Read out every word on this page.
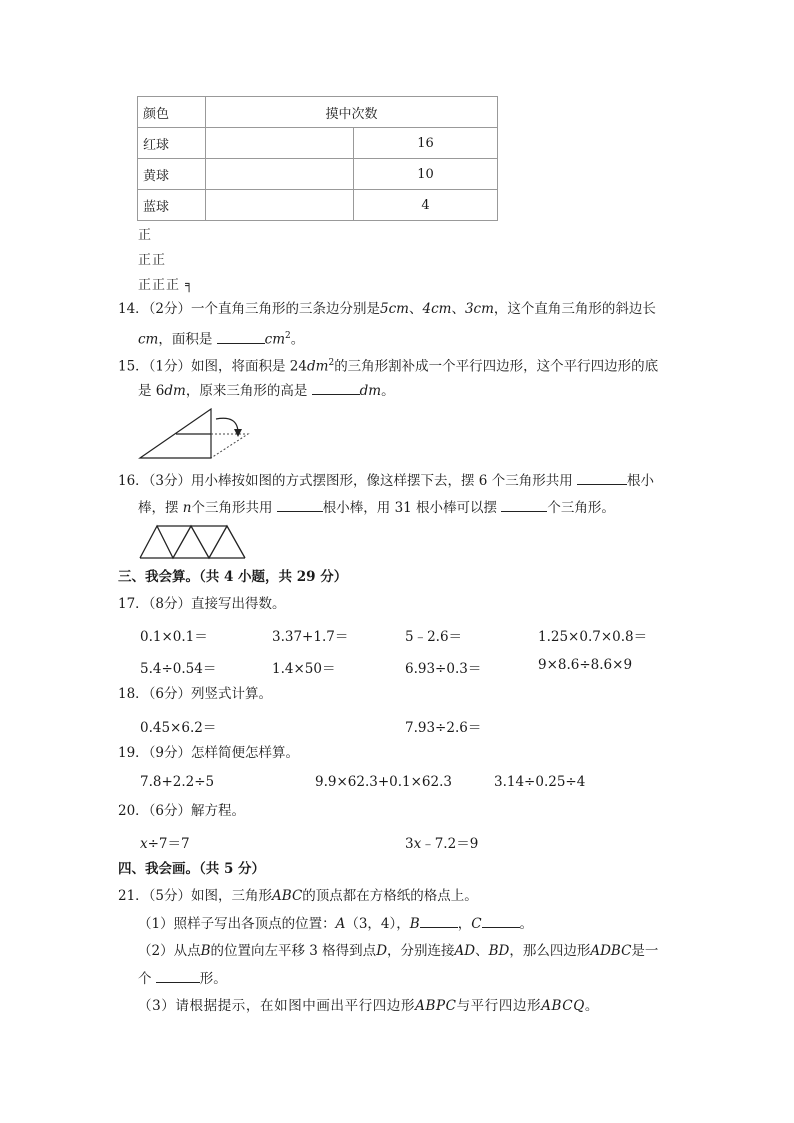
颜色	摸中次数	
红球		16
黄球		10
蓝球		4
正
正正
正正正 ╕
14．（2分）一个直角三角形的三条边分别是5cm、4cm、3cm，这个直角三角形的斜边长
cm，面积是	$cm^2$。
15．（1分）如图，将面积是 $24dm^2$的三角形割补成一个平行四边形，这个平行四边形的底
是 6dm，原来三角形的高是	dm。
16．（3分）用小棒按如图的方式摆图形，像这样摆下去，摆 6 个三角形共用	根小
棒，摆 n个三角形共用	根小棒，用 31 根小棒可以摆	个三角形。
三、我会算。（共 4 小题，共 29 分）
17．（8分）直接写出得数。
0.1×0.1＝	3.37+1.7＝	5﹣2.6＝	1.25×0.7×0.8＝
5.4÷0.54＝	1.4×50＝	6.93÷0.3＝	9×8.6÷8.6×9
18．（6分）列竖式计算。
0.45×6.2＝	7.93÷2.6＝
19．（9分）怎样简便怎样算。
7.8+2.2÷5	9.9×62.3+0.1×62.3	3.14÷0.25÷4
20．（6分）解方程。
x÷7＝7	3x﹣7.2＝9
四、我会画。（共 5 分）
21．（5分）如图，三角形ABC的顶点都在方格纸的格点上。
（1）照样子写出各顶点的位置：A（3，4），B	，C	。
（2）从点B的位置向左平移 3 格得到点D，分别连接AD、BD，那么四边形ADBC是一
个	形。
（3）请根据提示，在如图中画出平行四边形ABPC与平行四边形ABCQ。
